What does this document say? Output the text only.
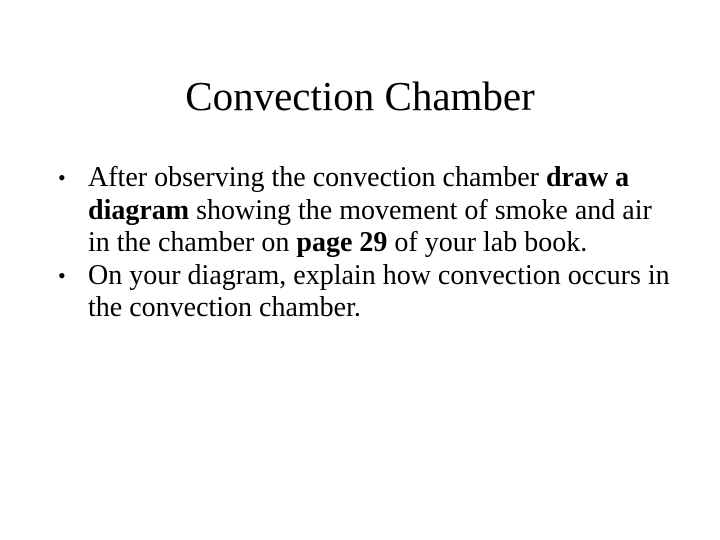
Convection Chamber
• After observing the convection chamber draw a diagram showing the movement of smoke and air in the chamber on page 29 of your lab book.
• On your diagram, explain how convection occurs in the convection chamber.
